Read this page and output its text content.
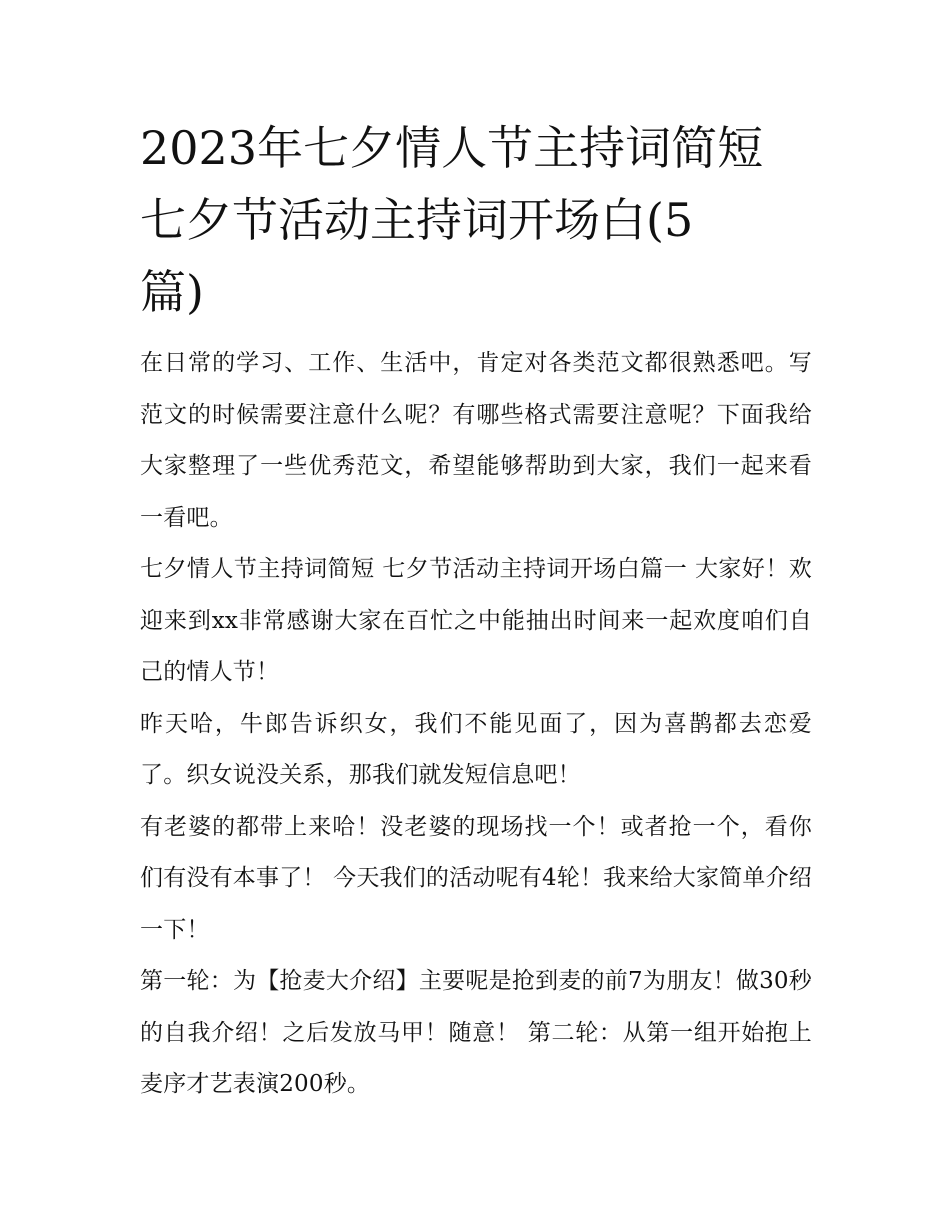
2023年七夕情人节主持词简短
七夕节活动主持词开场白(5
篇)

在日常的学习、工作、生活中，肯定对各类范文都很熟悉吧。写范文的时候需要注意什么呢？有哪些格式需要注意呢？下面我给大家整理了一些优秀范文，希望能够帮助到大家，我们一起来看一看吧。

七夕情人节主持词简短 七夕节活动主持词开场白篇一 大家好！欢迎来到xx非常感谢大家在百忙之中能抽出时间来一起欢度咱们自己的情人节！

昨天哈，牛郎告诉织女，我们不能见面了，因为喜鹊都去恋爱了。织女说没关系，那我们就发短信息吧！

有老婆的都带上来哈！没老婆的现场找一个！或者抢一个，看你们有没有本事了！ 今天我们的活动呢有4轮！我来给大家简单介绍一下！

第一轮：为【抢麦大介绍】主要呢是抢到麦的前7为朋友！做30秒的自我介绍！之后发放马甲！随意！ 第二轮：从第一组开始抱上麦序才艺表演200秒。
